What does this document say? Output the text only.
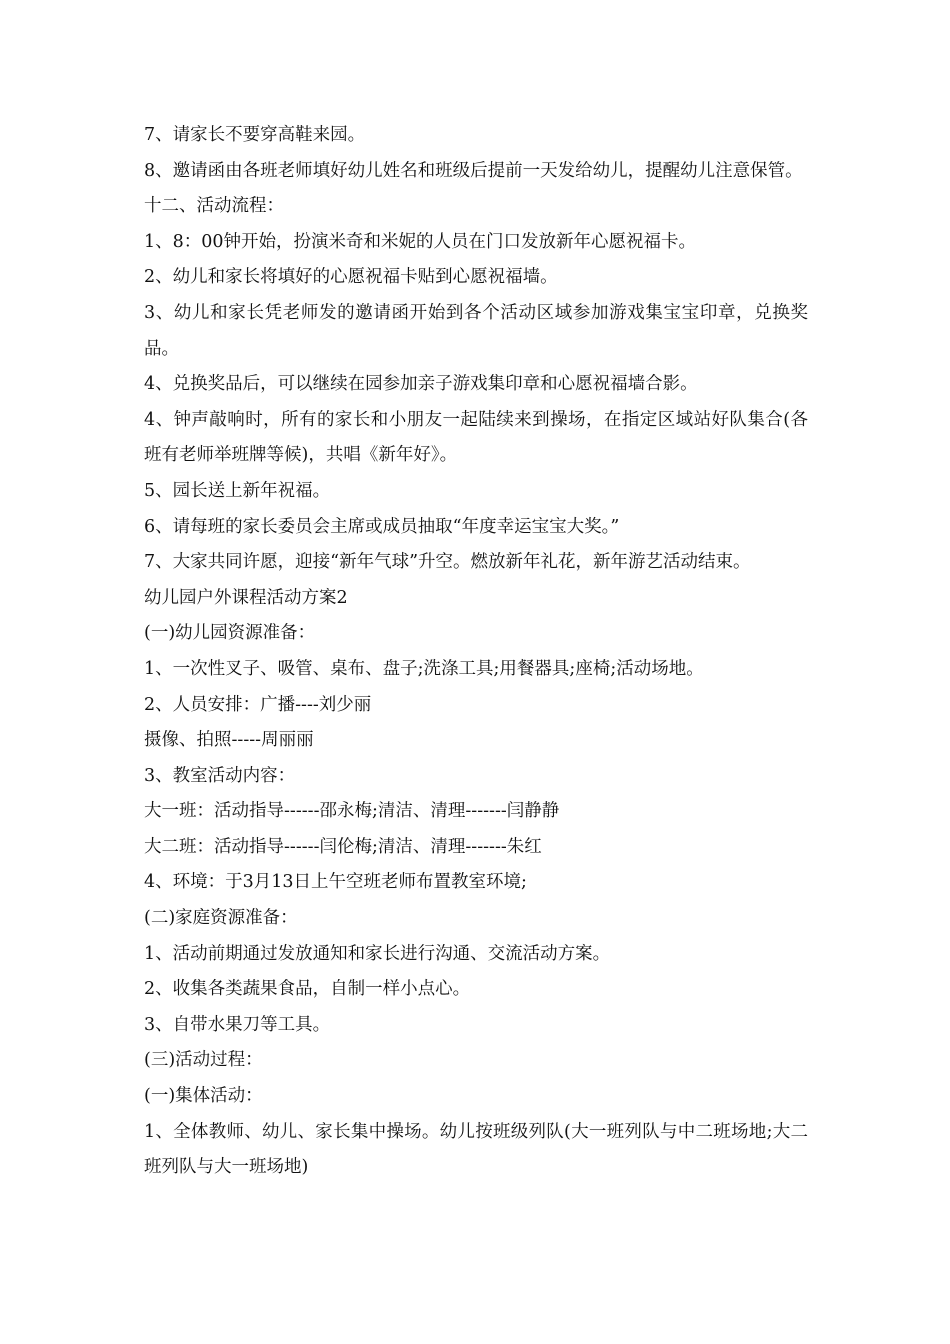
7、请家长不要穿高鞋来园。

8、邀请函由各班老师填好幼儿姓名和班级后提前一天发给幼儿，提醒幼儿注意保管。

十二、活动流程：

1、8：00钟开始，扮演米奇和米妮的人员在门口发放新年心愿祝福卡。

2、幼儿和家长将填好的心愿祝福卡贴到心愿祝福墙。

3、幼儿和家长凭老师发的邀请函开始到各个活动区域参加游戏集宝宝印章，兑换奖品。

4、兑换奖品后，可以继续在园参加亲子游戏集印章和心愿祝福墙合影。

4、钟声敲响时，所有的家长和小朋友一起陆续来到操场，在指定区域站好队集合(各班有老师举班牌等候)，共唱《新年好》。

5、园长送上新年祝福。

6、请每班的家长委员会主席或成员抽取“年度幸运宝宝大奖。”

7、大家共同许愿，迎接“新年气球”升空。燃放新年礼花，新年游艺活动结束。

幼儿园户外课程活动方案2

(一)幼儿园资源准备：

1、一次性叉子、吸管、桌布、盘子;洗涤工具;用餐器具;座椅;活动场地。

2、人员安排：广播----刘少丽

摄像、拍照-----周丽丽

3、教室活动内容：

大一班：活动指导------邵永梅;清洁、清理-------闫静静

大二班：活动指导------闫伦梅;清洁、清理-------朱红

4、环境：于3月13日上午空班老师布置教室环境;

(二)家庭资源准备：

1、活动前期通过发放通知和家长进行沟通、交流活动方案。

2、收集各类蔬果食品，自制一样小点心。

3、自带水果刀等工具。

(三)活动过程：

(一)集体活动：

1、全体教师、幼儿、家长集中操场。幼儿按班级列队(大一班列队与中二班场地;大二班列队与大一班场地)
